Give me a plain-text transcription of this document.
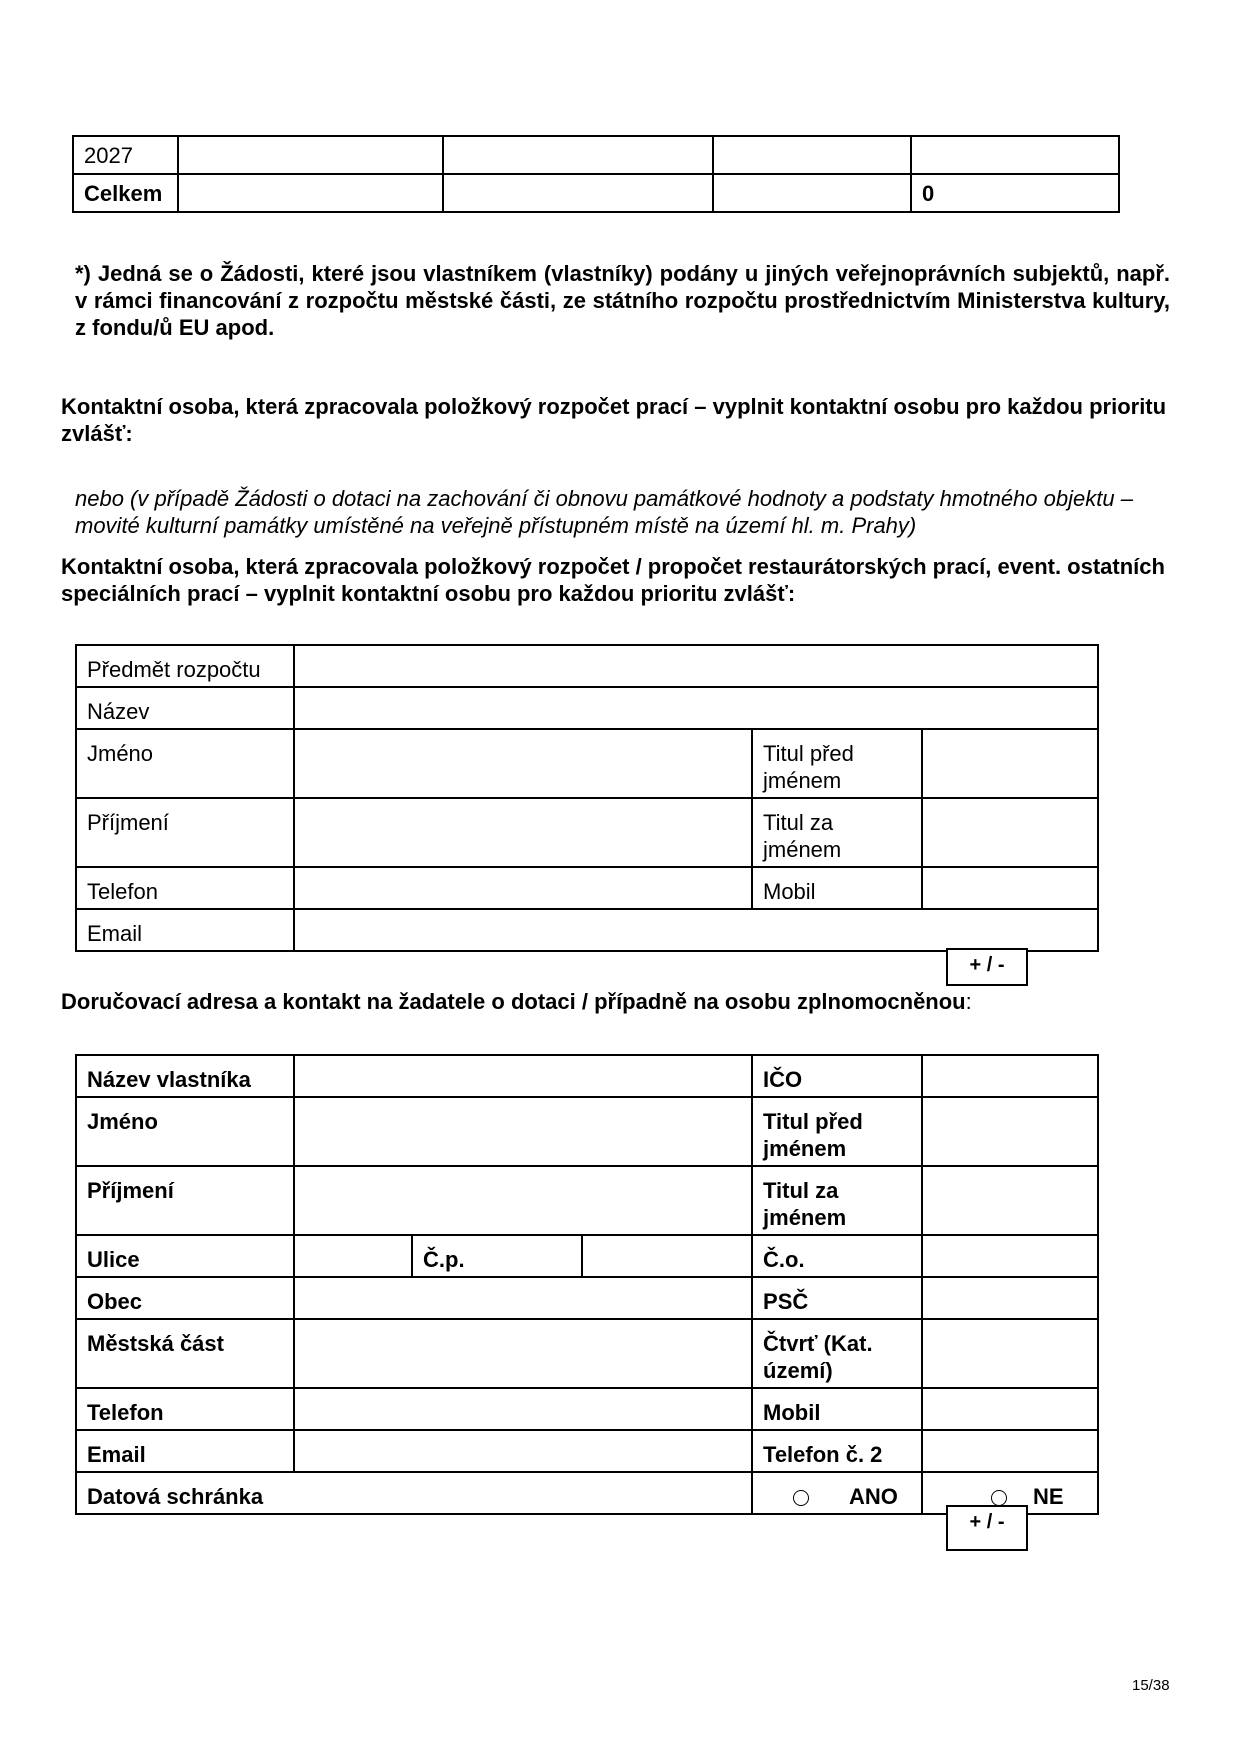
2027				
Celkem				0
*) Jedná se o Žádosti, které jsou vlastníkem (vlastníky) podány u jiných veřejnoprávních subjektů, např. v rámci financování z rozpočtu městské části, ze státního rozpočtu prostřednictvím Ministerstva kultury, z fondu/ů EU apod.
Kontaktní osoba, která zpracovala položkový rozpočet prací – vyplnit kontaktní osobu pro každou prioritu zvlášť:
nebo (v případě Žádosti o dotaci na zachování či obnovu památkové hodnoty a podstaty hmotného objektu – movité kulturní památky umístěné na veřejně přístupném místě na území hl. m. Prahy)
Kontaktní osoba, která zpracovala položkový rozpočet / propočet restaurátorských prací, event. ostatních speciálních prací – vyplnit kontaktní osobu pro každou prioritu zvlášť:
Předmět rozpočtu			
Název			
Jméno		Titul před jménem	
Příjmení		Titul za jménem	
Telefon		Mobil	
Email			
+ / -
Doručovací adresa a kontakt na žadatele o dotaci / případně na osobu zplnomocněnou:
Název vlastníka				IČO	
Jméno				Titul před jménem	
Příjmení				Titul za jménem	
Ulice		Č.p.		Č.o.	
Obec				PSČ	
Městská část				Čtvrť (Kat. území)	
Telefon				Mobil	
Email				Telefon č. 2	
Datová schránka				ANO	NE
+ / -
15/38
